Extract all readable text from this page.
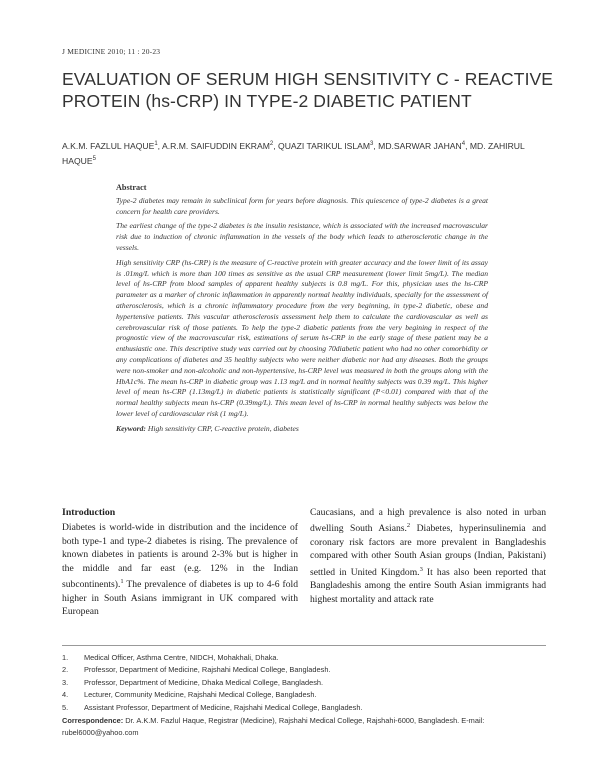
J MEDICINE 2010; 11 : 20-23
EVALUATION OF SERUM HIGH SENSITIVITY C - REACTIVE PROTEIN (hs-CRP) IN TYPE-2 DIABETIC PATIENT
A.K.M. FAZLUL HAQUE$^1$, A.R.M. SAIFUDDIN EKRAM$^2$, QUAZI TARIKUL ISLAM$^3$, MD.SARWAR JAHAN$^4$, MD. ZAHIRUL HAQUE$^5$
Abstract

Type-2 diabetes may remain in subclinical form for years before diagnosis. This quiescence of type-2 diabetes is a great concern for health care providers.

The earliest change of the type-2 diabetes is the insulin resistance, which is associated with the increased macrovascular risk due to induction of chronic inflammation in the vessels of the body which leads to atherosclerotic change in the vessels.

High sensitivity CRP (hs-CRP) is the measure of C-reactive protein with greater accuracy and the lower limit of its assay is .01mg/L which is more than 100 times as sensitive as the usual CRP measurement (lower limit 5mg/L). The median level of hs-CRP from blood samples of apparent healthy subjects is 0.8 mg/L. For this, physician uses the hs-CRP parameter as a marker of chronic inflammation in apparently normal healthy individuals, specially for the assessment of atherosclerosis, which is a chronic inflammatory procedure from the very beginning, in type-2 diabetic, obese and hypertensive patients. This vascular atherosclerosis assessment help them to calculate the cardiovascular as well as cerebrovascular risk of those patients. To help the type-2 diabetic patients from the very begining in respect of the prognostic view of the macrovascular risk, estimations of serum hs-CRP in the early stage of these patient may be a enthusiastic one. This descriptive study was carried out by choosing 70diabetic patient who had no other comorbidity or any complications of diabetes and 35 healthy subjects who were neither diabetic nor had any diseases. Both the groups were non-smoker and non-alcoholic and non-hypertensive, hs-CRP level was measured in both the groups along with the HbA1c%. The mean hs-CRP in diabetic group was 1.13 mg/L and in normal healthy subjects was 0.39 mg/L. This higher level of mean hs-CRP (1.13mg/L) in diabetic patients is statistically significant (P<0.01) compared with that of the normal healthy subjects mean hs-CRP (0.39mg/L). This mean level of hs-CRP in normal healthy subjects was below the lower level of cardiovascular risk (1 mg/L).

Keyword: High sensitivity CRP, C-reactive protein, diabetes
Introduction

Diabetes is world-wide in distribution and the incidence of both type-1 and type-2 diabetes is rising. The prevalence of known diabetes in patients is around 2-3% but is higher in the middle and far east (e.g. 12% in the Indian subcontinents).$^1$ The prevalence of diabetes is up to 4-6 fold higher in South Asians immigrant in UK compared with European

Caucasians, and a high prevalence is also noted in urban dwelling South Asians.$^2$ Diabetes, hyperinsulinemia and coronary risk factors are more prevalent in Bangladeshis compared with other South Asian groups (Indian, Pakistani) settled in United Kingdom.$^3$ It has also been reported that Bangladeshis among the entire South Asian immigrants had highest mortality and attack rate

1.	Medical Officer, Asthma Centre, NIDCH, Mohakhali, Dhaka.
2.	Professor, Department of Medicine, Rajshahi Medical College, Bangladesh.
3.	Professor, Department of Medicine, Dhaka Medical College, Bangladesh.
4.	Lecturer, Community Medicine, Rajshahi Medical College, Bangladesh.
5.	Assistant Professor, Department of Medicine, Rajshahi Medical College, Bangladesh.
Correspondence: Dr. A.K.M. Fazlul Haque, Registrar (Medicine), Rajshahi Medical College, Rajshahi-6000, Bangladesh. E-mail: rubel6000@yahoo.com
